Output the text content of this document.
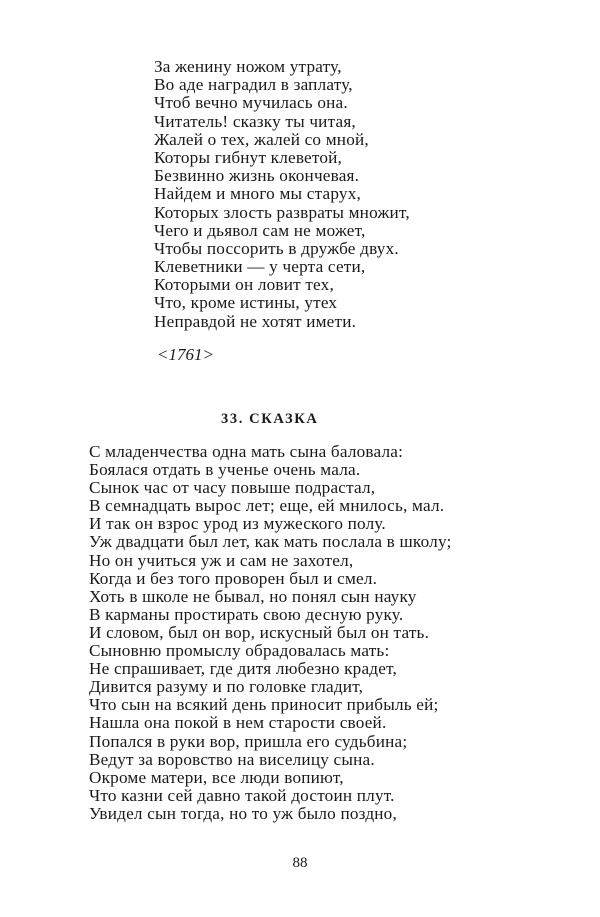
За женину ножом утрату,
Во аде наградил в заплату,
Чтоб вечно мучилась она.
Читатель! сказку ты читая,
Жалей о тех, жалей со мной,
Которы гибнут клеветой,
Безвинно жизнь окончевая.
Найдем и много мы старух,
Которых злость развраты множит,
Чего и дьявол сам не может,
Чтобы поссорить в дружбе двух.
Клеветники — у черта сети,
Которыми он ловит тех,
Что, кроме истины, утех
Неправдой не хотят имети.
<1761>
33. СКАЗКА
С младенчества одна мать сына баловала:
Боялася отдать в ученье очень мала.
Сынок час от часу повыше подрастал,
В семнадцать вырос лет; еще, ей мнилось, мал.
И так он взрос урод из мужеского полу.
Уж двадцати был лет, как мать послала в школу;
Но он учиться уж и сам не захотел,
Когда и без того проворен был и смел.
Хоть в школе не бывал, но понял сын науку
В карманы простирать свою десную руку.
И словом, был он вор, искусный был он тать.
Сыновню промыслу обрадовалась мать:
Не спрашивает, где дитя любезно крадет,
Дивится разуму и по головке гладит,
Что сын на всякий день приносит прибыль ей;
Нашла она покой в нем старости своей.
Попался в руки вор, пришла его судьбина;
Ведут за воровство на виселицу сына.
Окроме матери, все люди вопиют,
Что казни сей давно такой достоин плут.
Увидел сын тогда, но то уж было поздно,
88
